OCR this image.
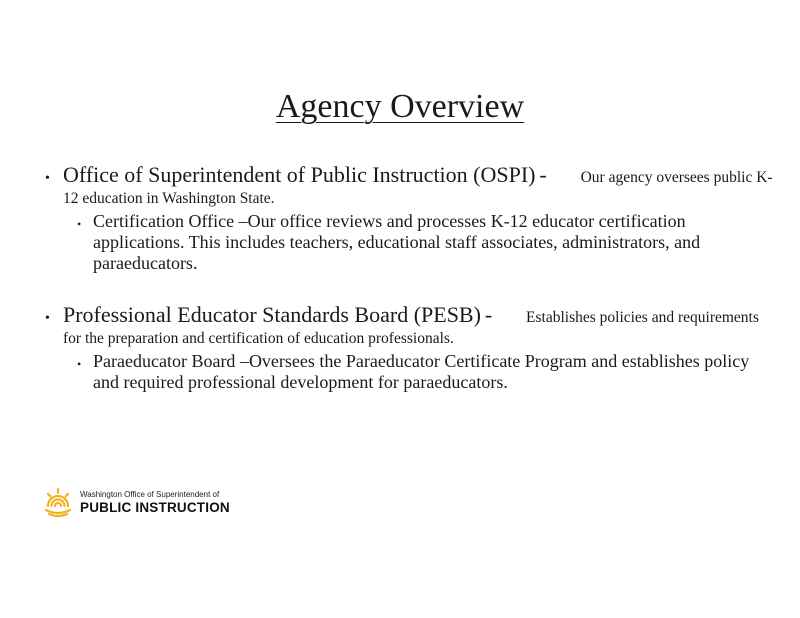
Agency Overview
• Office of Superintendent of Public Instruction (OSPI) - Our agency oversees public K-12 education in Washington State.
• Certification Office –Our office reviews and processes K-12 educator certification applications. This includes teachers, educational staff associates, administrators, and paraeducators.
• Professional Educator Standards Board (PESB) - Establishes policies and requirements for the preparation and certification of education professionals.
• Paraeducator Board –Oversees the Paraeducator Certificate Program and establishes policy and required professional development for paraeducators.
Washington Office of Superintendent of
PUBLIC INSTRUCTION
